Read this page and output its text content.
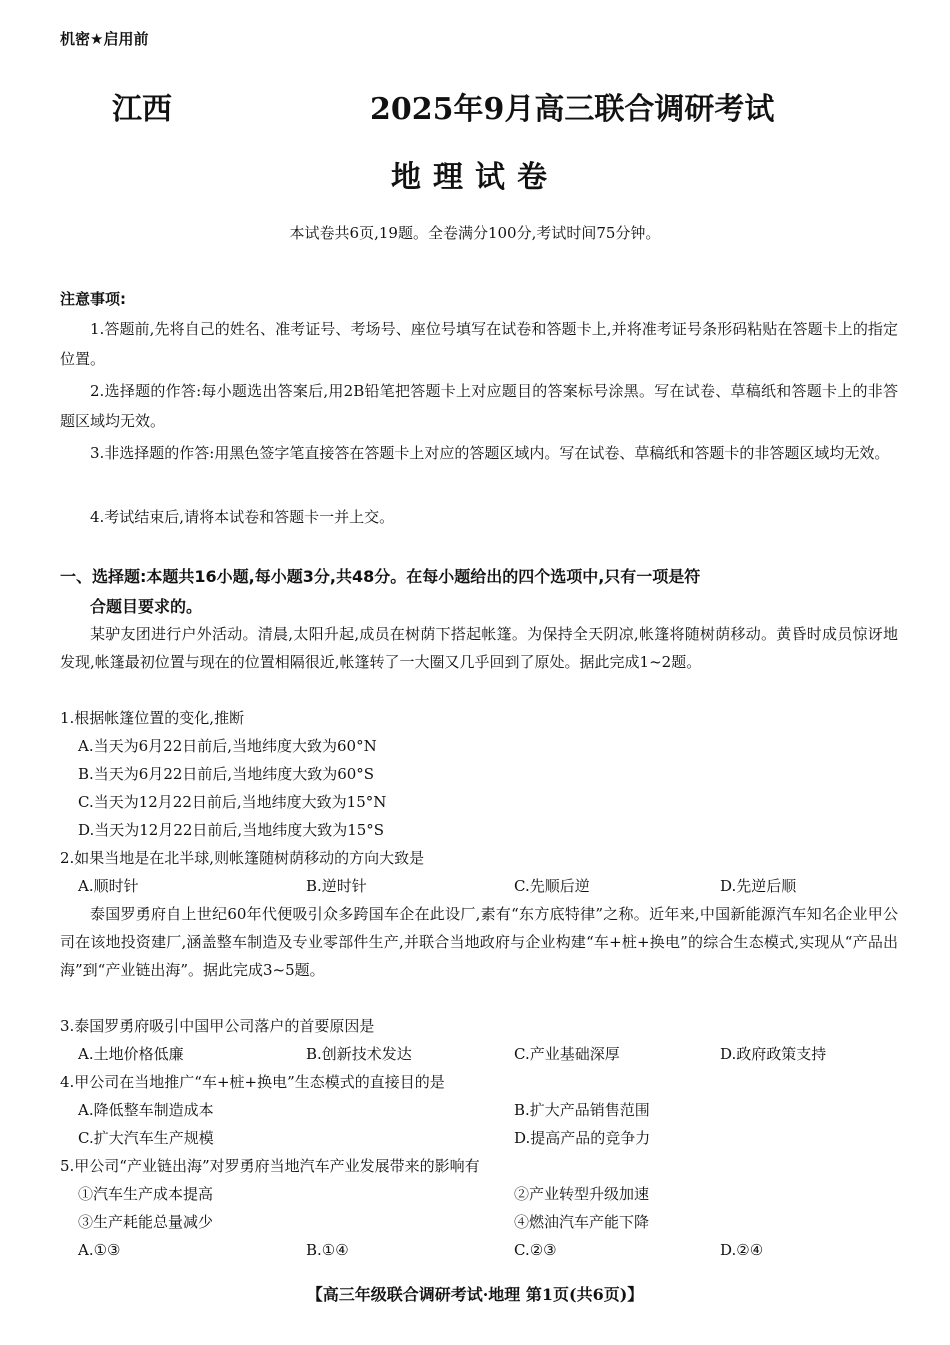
机密★启用前
江西	2025年9月高三联合调研考试
地理试卷
本试卷共6页,19题。全卷满分100分,考试时间75分钟。
注意事项:
1.答题前,先将自己的姓名、准考证号、考场号、座位号填写在试卷和答题卡上,并将准考证号条形码粘贴在答题卡上的指定位置。
2.选择题的作答:每小题选出答案后,用2B铅笔把答题卡上对应题目的答案标号涂黑。写在试卷、草稿纸和答题卡上的非答题区域均无效。
3.非选择题的作答:用黑色签字笔直接答在答题卡上对应的答题区域内。写在试卷、草稿纸和答题卡的非答题区域均无效。
4.考试结束后,请将本试卷和答题卡一并上交。
一、选择题:本题共16小题,每小题3分,共48分。在每小题给出的四个选项中,只有一项是符
合题目要求的。
某驴友团进行户外活动。清晨,太阳升起,成员在树荫下搭起帐篷。为保持全天阴凉,帐篷将随树荫移动。黄昏时成员惊讶地发现,帐篷最初位置与现在的位置相隔很近,帐篷转了一大圈又几乎回到了原处。据此完成1~2题。
1.根据帐篷位置的变化,推断
A.当天为6月22日前后,当地纬度大致为60°N
B.当天为6月22日前后,当地纬度大致为60°S
C.当天为12月22日前后,当地纬度大致为15°N
D.当天为12月22日前后,当地纬度大致为15°S
2.如果当地是在北半球,则帐篷随树荫移动的方向大致是
A.顺时针	B.逆时针	C.先顺后逆	D.先逆后顺
泰国罗勇府自上世纪60年代便吸引众多跨国车企在此设厂,素有“东方底特律”之称。近年来,中国新能源汽车知名企业甲公司在该地投资建厂,涵盖整车制造及专业零部件生产,并联合当地政府与企业构建“车+桩+换电”的综合生态模式,实现从“产品出海”到“产业链出海”。据此完成3~5题。
3.泰国罗勇府吸引中国甲公司落户的首要原因是
A.土地价格低廉	B.创新技术发达	C.产业基础深厚	D.政府政策支持
4.甲公司在当地推广“车+桩+换电”生态模式的直接目的是
A.降低整车制造成本	B.扩大产品销售范围
C.扩大汽车生产规模	D.提高产品的竞争力
5.甲公司“产业链出海”对罗勇府当地汽车产业发展带来的影响有
①汽车生产成本提高	②产业转型升级加速
③生产耗能总量减少	④燃油汽车产能下降
A.①③	B.①④	C.②③	D.②④
【高三年级联合调研考试·地理 第1页(共6页)】
